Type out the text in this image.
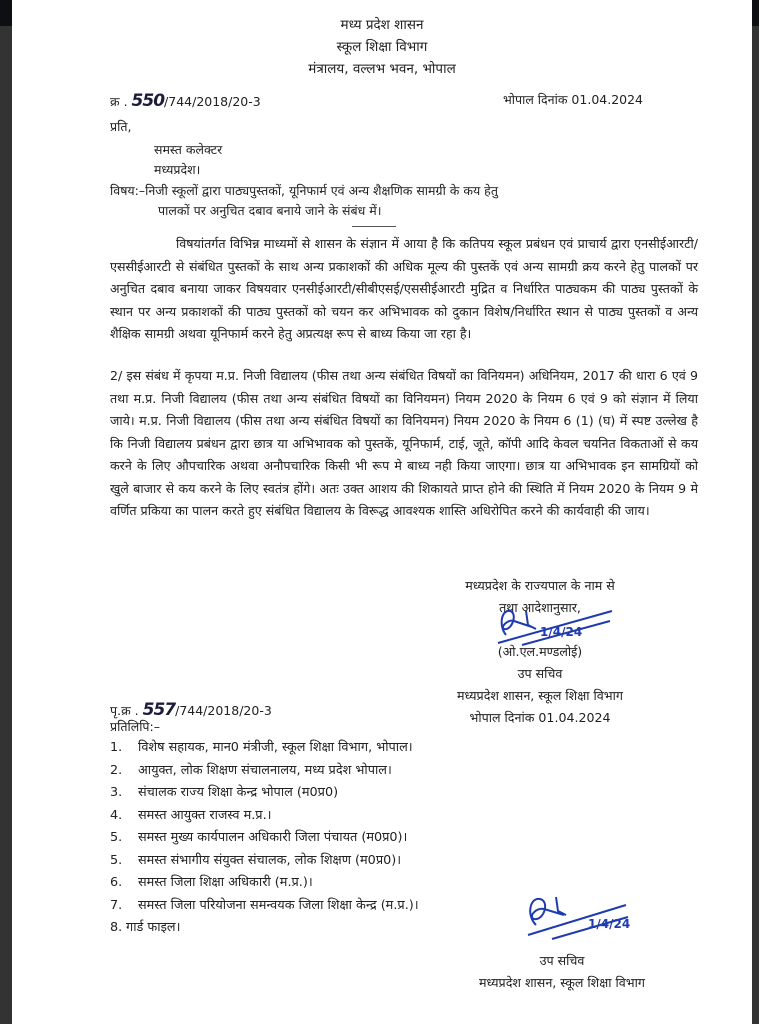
मध्य प्रदेश शासन
स्कूल शिक्षा विभाग
मंत्रालय, वल्लभ भवन, भोपाल
क्र . 550/744/2018/20-3	भोपाल दिनांक 01.04.2024
प्रति,
समस्त कलेक्टर
मध्यप्रदेश।
विषय:–निजी स्कूलों द्वारा पाठ्यपुस्तकों, यूनिफार्म एवं अन्य शैक्षणिक सामग्री के कय हेतु
पालकों पर अनुचित दबाव बनाये जाने के संबंध में।
विषयांतर्गत विभिन्न माध्यमों से शासन के संज्ञान में आया है कि कतिपय स्कूल प्रबंधन एवं प्राचार्य द्वारा एनसीईआरटी/एससीईआरटी से संबंधित पुस्तकों के साथ अन्य प्रकाशकों की अधिक मूल्य की पुस्तकें एवं अन्य सामग्री क्रय करने हेतु पालकों पर अनुचित दबाव बनाया जाकर विषयवार एनसीईआरटी/सीबीएसई/एससीईआरटी मुद्रित व निर्धारित पाठ्यकम की पाठ्य पुस्तकों के स्थान पर अन्य प्रकाशकों की पाठ्य पुस्तकों को चयन कर अभिभावक को दुकान विशेष/निर्धारित स्थान से पाठ्य पुस्तकों व अन्य शैक्षिक सामग्री अथवा यूनिफार्म करने हेतु अप्रत्यक्ष रूप से बाध्य किया जा रहा है।
2/ इस संबंध में कृपया म.प्र. निजी विद्यालय (फीस तथा अन्य संबंधित विषयों का विनियमन) अधिनियम, 2017 की धारा 6 एवं 9 तथा म.प्र. निजी विद्यालय (फीस तथा अन्य संबंधित विषयों का विनियमन) नियम 2020 के नियम 6 एवं 9 को संज्ञान में लिया जाये। म.प्र. निजी विद्यालय (फीस तथा अन्य संबंधित विषयों का विनियमन) नियम 2020 के नियम 6 (1) (घ) में स्पष्ट उल्लेख है कि निजी विद्यालय प्रबंधन द्वारा छात्र या अभिभावक को पुस्तकें, यूनिफार्म, टाई, जूते, कॉपी आदि केवल चयनित विकताओं से कय करने के लिए औपचारिक अथवा अनौपचारिक किसी भी रूप मे बाध्य नही किया जाएगा। छात्र या अभिभावक इन सामग्रियों को खुले बाजार से कय करने के लिए स्वतंत्र होंगे। अतः उक्त आशय की शिकायते प्राप्त होने की स्थिति में नियम 2020 के नियम 9 मे वर्णित प्रकिया का पालन करते हुए संबंधित विद्यालय के विरूद्ध आवश्यक शास्ति अधिरोपित करने की कार्यवाही की जाय।
मध्यप्रदेश के राज्यपाल के नाम से
तथा आदेशानुसार,
1/4/24
(ओ.एल.मण्डलोई)
उप सचिव
मध्यप्रदेश शासन, स्कूल शिक्षा विभाग
भोपाल दिनांक 01.04.2024
पृ.क्र . 557/744/2018/20-3
प्रतिलिपि:–
1. विशेष सहायक, मान0 मंत्रीजी, स्कूल शिक्षा विभाग, भोपाल।
2. आयुक्त, लोक शिक्षण संचालनालय, मध्य प्रदेश भोपाल।
3. संचालक राज्य शिक्षा केन्द्र भोपाल (म0प्र0)
4. समस्त आयुक्त राजस्व म.प्र.।
5. समस्त मुख्य कार्यपालन अधिकारी जिला पंचायत (म0प्र0)।
5. समस्त संभागीय संयुक्त संचालक, लोक शिक्षण (म0प्र0)।
6. समस्त जिला शिक्षा अधिकारी (म.प्र.)।
7. समस्त जिला परियोजना समन्वयक जिला शिक्षा केन्द्र (म.प्र.)।
8. गार्ड फाइल।	1/4/24
उप सचिव
मध्यप्रदेश शासन, स्कूल शिक्षा विभाग
